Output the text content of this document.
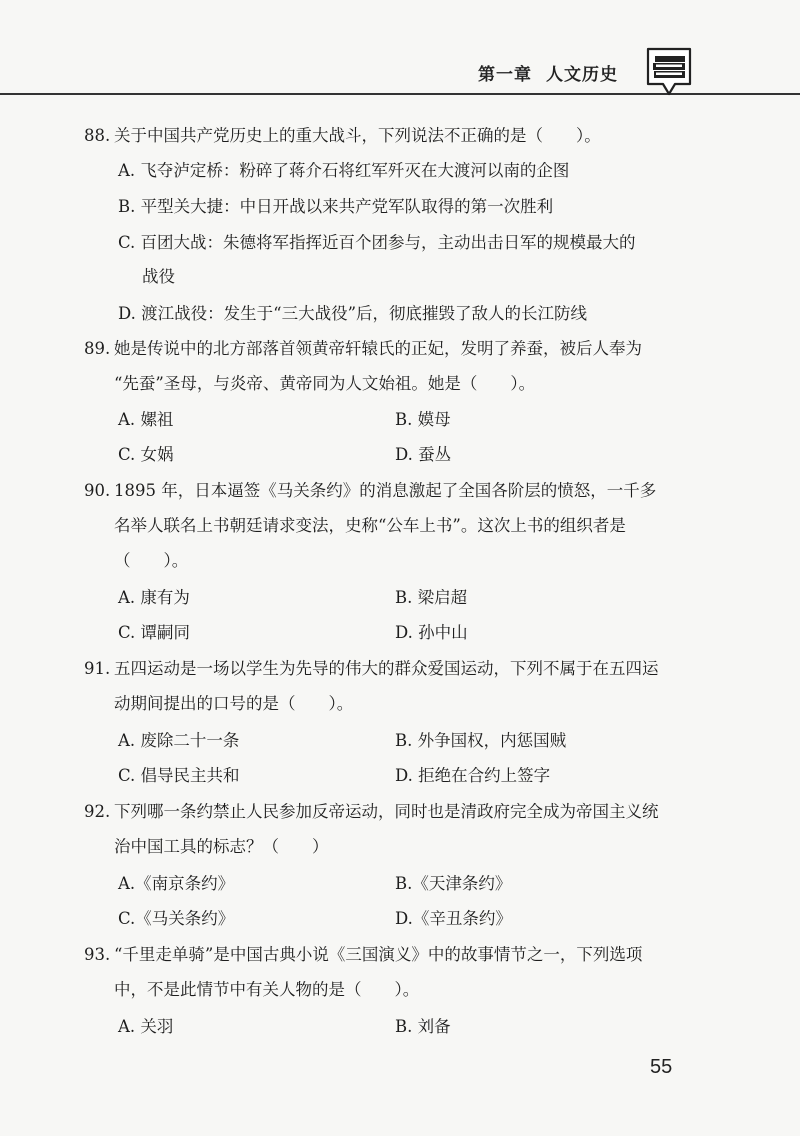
第一章 人文历史
88. 关于中国共产党历史上的重大战斗，下列说法不正确的是（　　）。
A. 飞夺泸定桥：粉碎了蒋介石将红军歼灭在大渡河以南的企图
B. 平型关大捷：中日开战以来共产党军队取得的第一次胜利
C. 百团大战：朱德将军指挥近百个团参与，主动出击日军的规模最大的
战役
D. 渡江战役：发生于“三大战役”后，彻底摧毁了敌人的长江防线
89. 她是传说中的北方部落首领黄帝轩辕氏的正妃，发明了养蚕，被后人奉为
“先蚕”圣母，与炎帝、黄帝同为人文始祖。她是（　　）。
A. 嫘祖	B. 嫫母
C. 女娲	D. 蚕丛
90. 1895 年，日本逼签《马关条约》的消息激起了全国各阶层的愤怒，一千多
名举人联名上书朝廷请求变法，史称“公车上书”。这次上书的组织者是
（　　）。
A. 康有为	B. 梁启超
C. 谭嗣同	D. 孙中山
91. 五四运动是一场以学生为先导的伟大的群众爱国运动，下列不属于在五四运
动期间提出的口号的是（　　）。
A. 废除二十一条	B. 外争国权，内惩国贼
C. 倡导民主共和	D. 拒绝在合约上签字
92. 下列哪一条约禁止人民参加反帝运动，同时也是清政府完全成为帝国主义统
治中国工具的标志？（　　）
A.《南京条约》	B.《天津条约》
C.《马关条约》	D.《辛丑条约》
93. “千里走单骑”是中国古典小说《三国演义》中的故事情节之一，下列选项
中，不是此情节中有关人物的是（　　）。
A. 关羽	B. 刘备
55
